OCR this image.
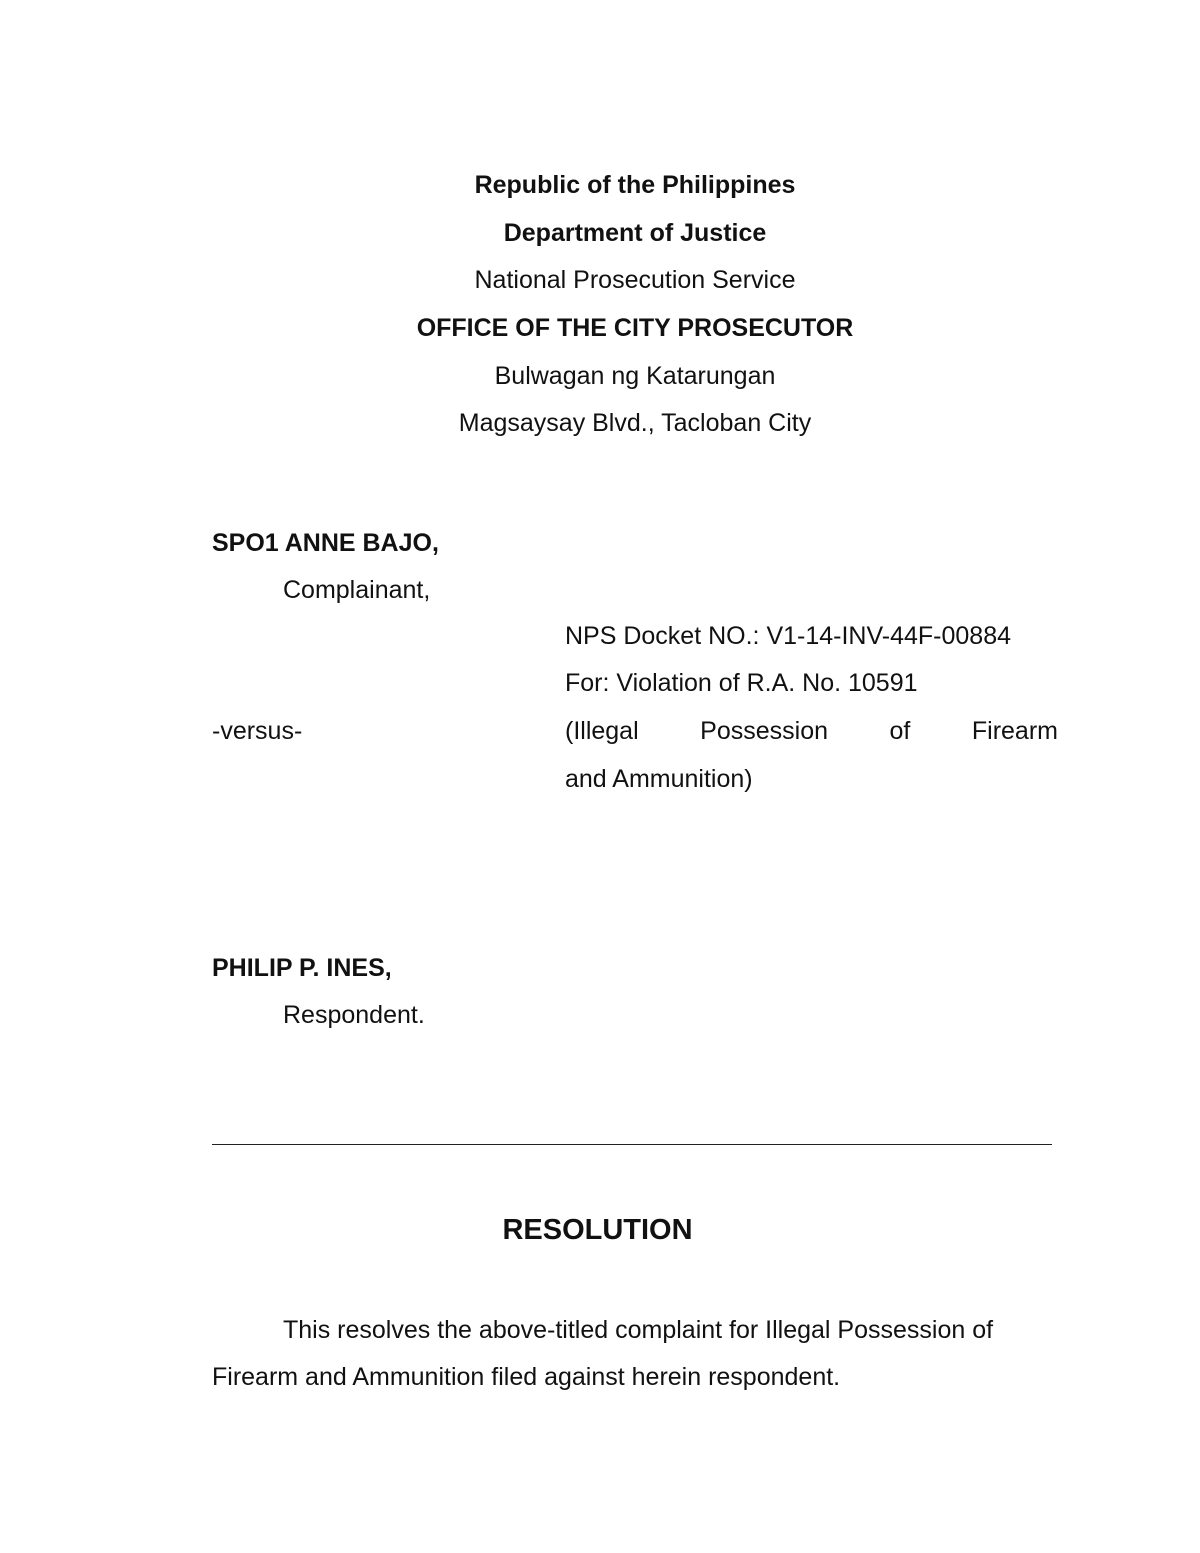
Republic of the Philippines
Department of Justice
National Prosecution Service
OFFICE OF THE CITY PROSECUTOR
Bulwagan ng Katarungan
Magsaysay Blvd., Tacloban City
SPO1 ANNE BAJO,
Complainant,
-versus-
PHILIP P. INES,
Respondent.
NPS Docket NO.: V1-14-INV-44F-00884
For: Violation of R.A. No. 10591
(Illegal Possession of Firearm
and Ammunition)
RESOLUTION
This resolves the above-titled complaint for Illegal Possession of
Firearm and Ammunition filed against herein respondent.
